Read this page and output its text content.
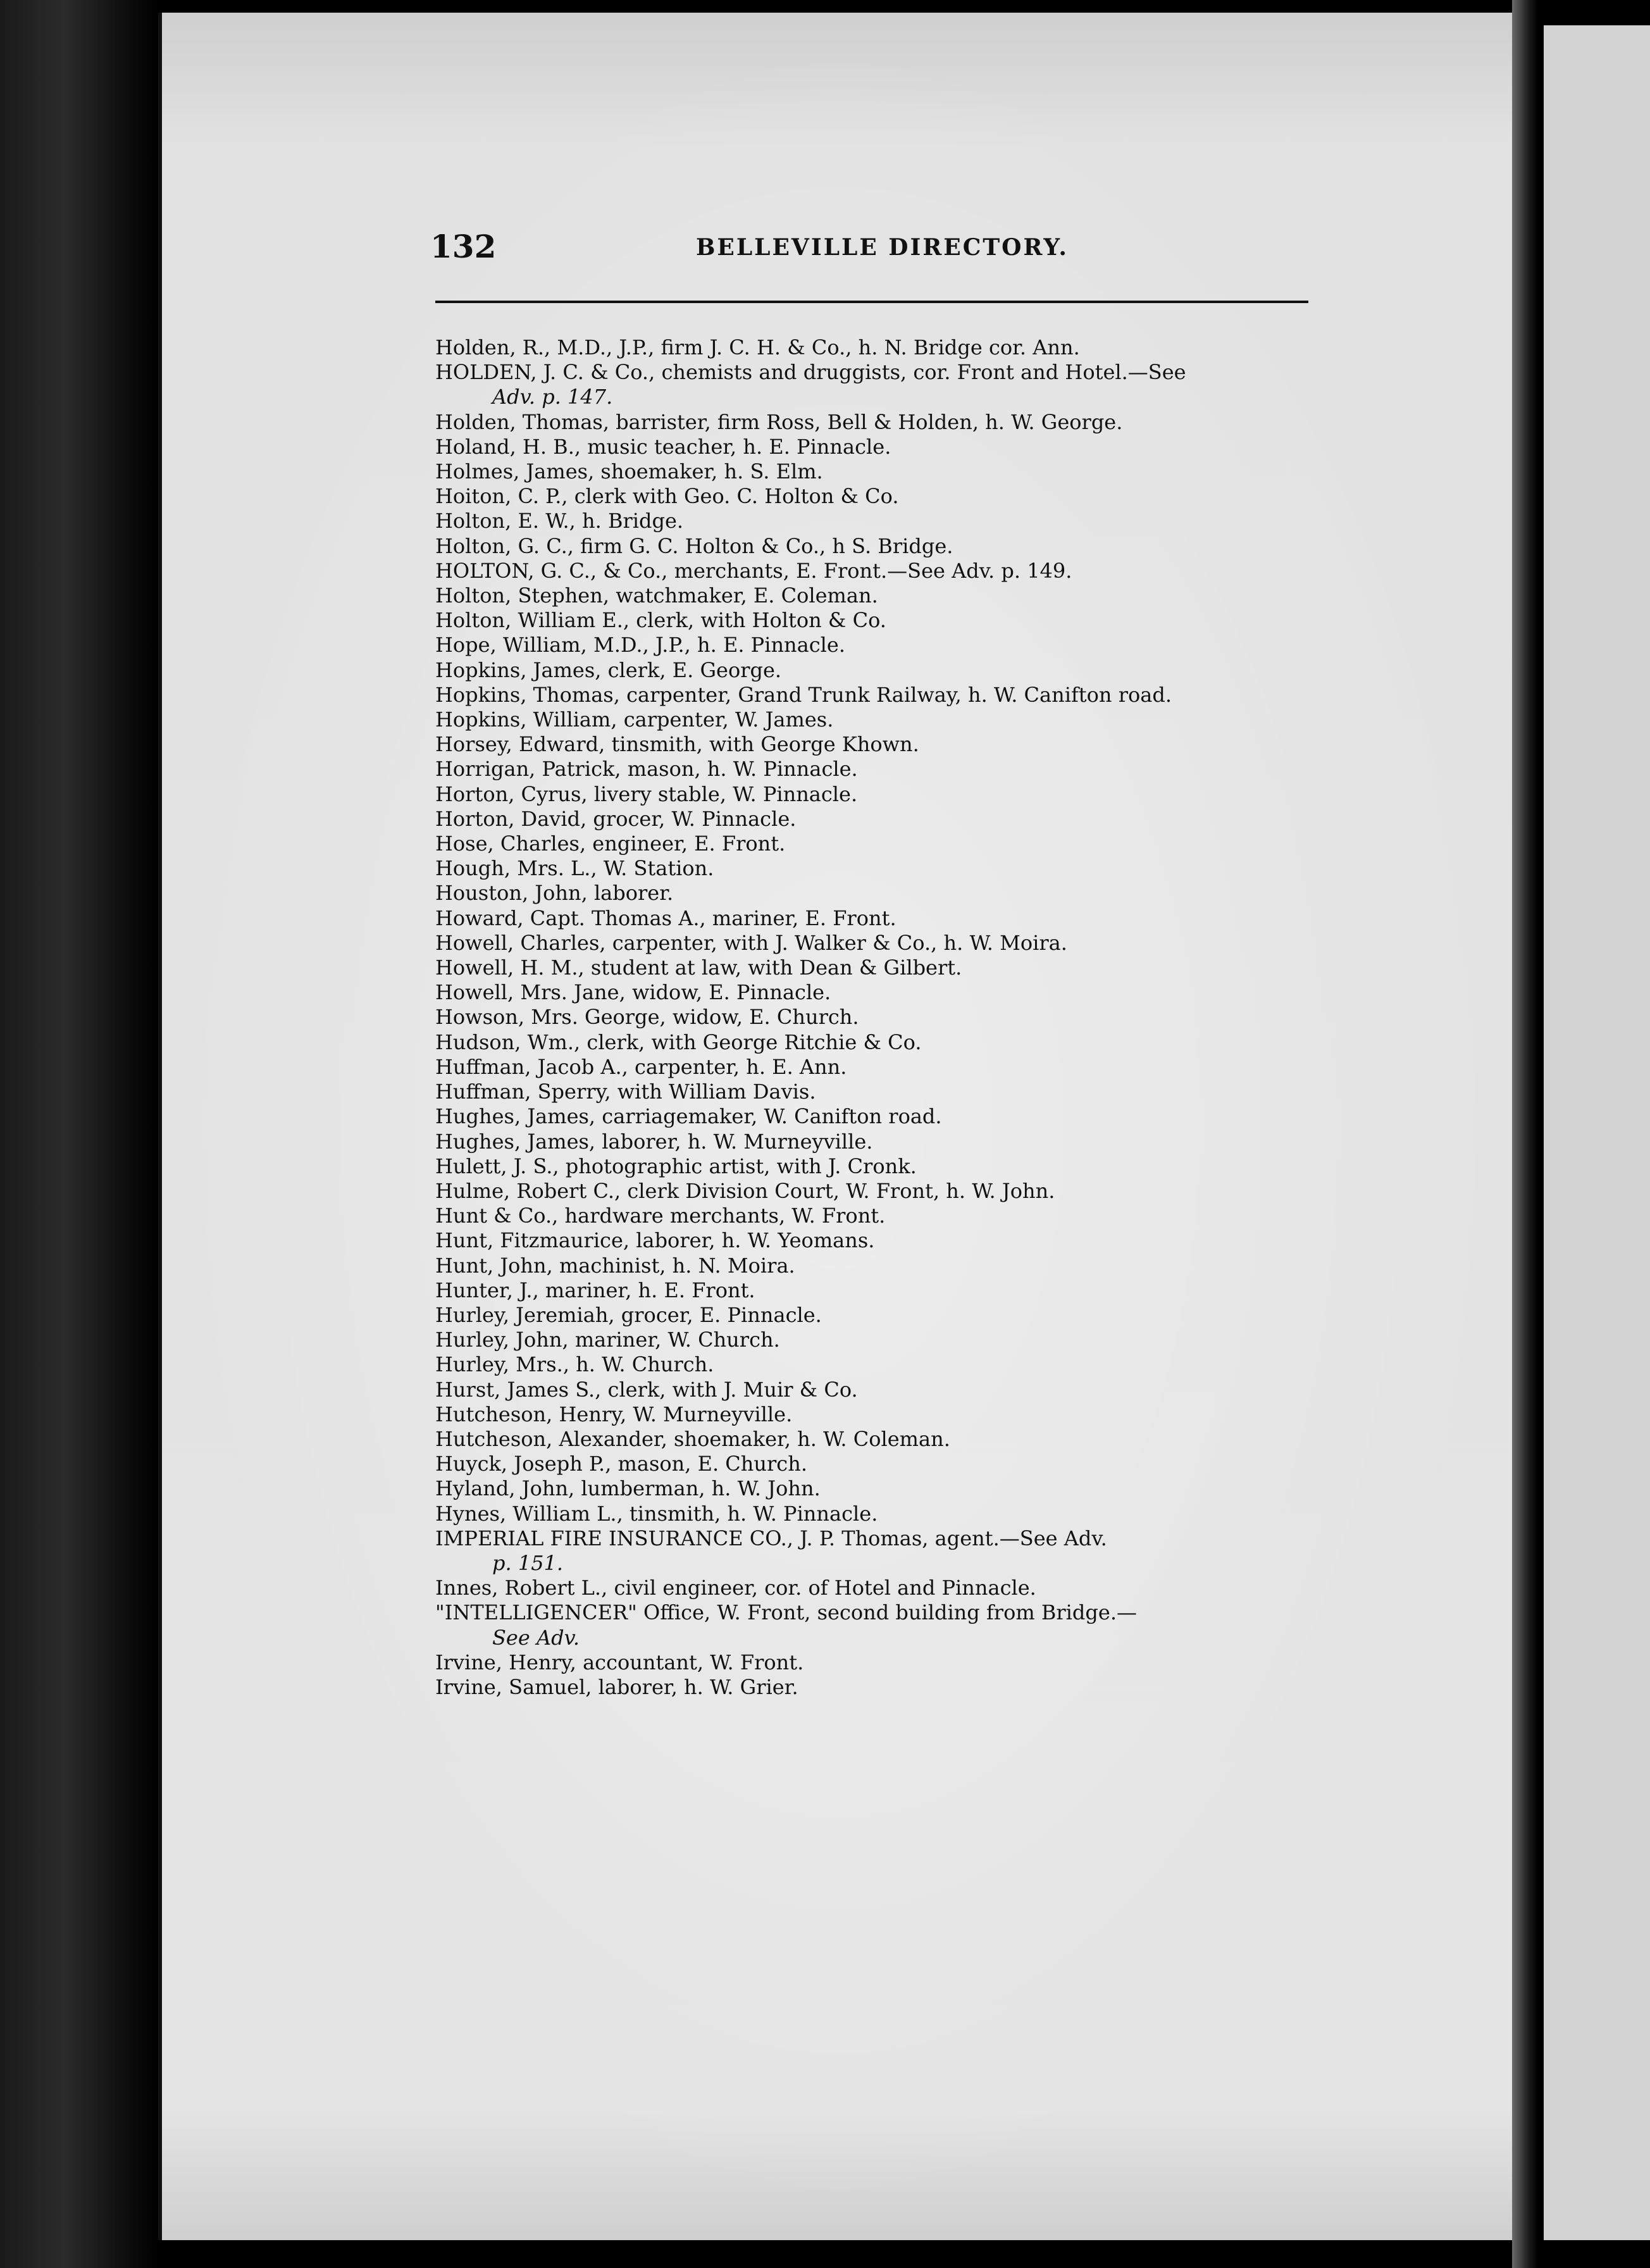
132	BELLEVILLE DIRECTORY.
Holden, R., M.D., J.P., firm J. C. H. & Co., h. N. Bridge cor. Ann.
HOLDEN, J. C. & Co., chemists and druggists, cor. Front and Hotel.—See
Adv. p. 147.
Holden, Thomas, barrister, firm Ross, Bell & Holden, h. W. George.
Holand, H. B., music teacher, h. E. Pinnacle.
Holmes, James, shoemaker, h. S. Elm.
Hoiton, C. P., clerk with Geo. C. Holton & Co.
Holton, E. W., h. Bridge.
Holton, G. C., firm G. C. Holton & Co., h S. Bridge.
HOLTON, G. C., & Co., merchants, E. Front.—See Adv. p. 149.
Holton, Stephen, watchmaker, E. Coleman.
Holton, William E., clerk, with Holton & Co.
Hope, William, M.D., J.P., h. E. Pinnacle.
Hopkins, James, clerk, E. George.
Hopkins, Thomas, carpenter, Grand Trunk Railway, h. W. Canifton road.
Hopkins, William, carpenter, W. James.
Horsey, Edward, tinsmith, with George Khown.
Horrigan, Patrick, mason, h. W. Pinnacle.
Horton, Cyrus, livery stable, W. Pinnacle.
Horton, David, grocer, W. Pinnacle.
Hose, Charles, engineer, E. Front.
Hough, Mrs. L., W. Station.
Houston, John, laborer.
Howard, Capt. Thomas A., mariner, E. Front.
Howell, Charles, carpenter, with J. Walker & Co., h. W. Moira.
Howell, H. M., student at law, with Dean & Gilbert.
Howell, Mrs. Jane, widow, E. Pinnacle.
Howson, Mrs. George, widow, E. Church.
Hudson, Wm., clerk, with George Ritchie & Co.
Huffman, Jacob A., carpenter, h. E. Ann.
Huffman, Sperry, with William Davis.
Hughes, James, carriagemaker, W. Canifton road.
Hughes, James, laborer, h. W. Murneyville.
Hulett, J. S., photographic artist, with J. Cronk.
Hulme, Robert C., clerk Division Court, W. Front, h. W. John.
Hunt & Co., hardware merchants, W. Front.
Hunt, Fitzmaurice, laborer, h. W. Yeomans.
Hunt, John, machinist, h. N. Moira.
Hunter, J., mariner, h. E. Front.
Hurley, Jeremiah, grocer, E. Pinnacle.
Hurley, John, mariner, W. Church.
Hurley, Mrs., h. W. Church.
Hurst, James S., clerk, with J. Muir & Co.
Hutcheson, Henry, W. Murneyville.
Hutcheson, Alexander, shoemaker, h. W. Coleman.
Huyck, Joseph P., mason, E. Church.
Hyland, John, lumberman, h. W. John.
Hynes, William L., tinsmith, h. W. Pinnacle.
IMPERIAL FIRE INSURANCE CO., J. P. Thomas, agent.—See Adv.
p. 151.
Innes, Robert L., civil engineer, cor. of Hotel and Pinnacle.
"INTELLIGENCER" Office, W. Front, second building from Bridge.—
See Adv.
Irvine, Henry, accountant, W. Front.
Irvine, Samuel, laborer, h. W. Grier.
